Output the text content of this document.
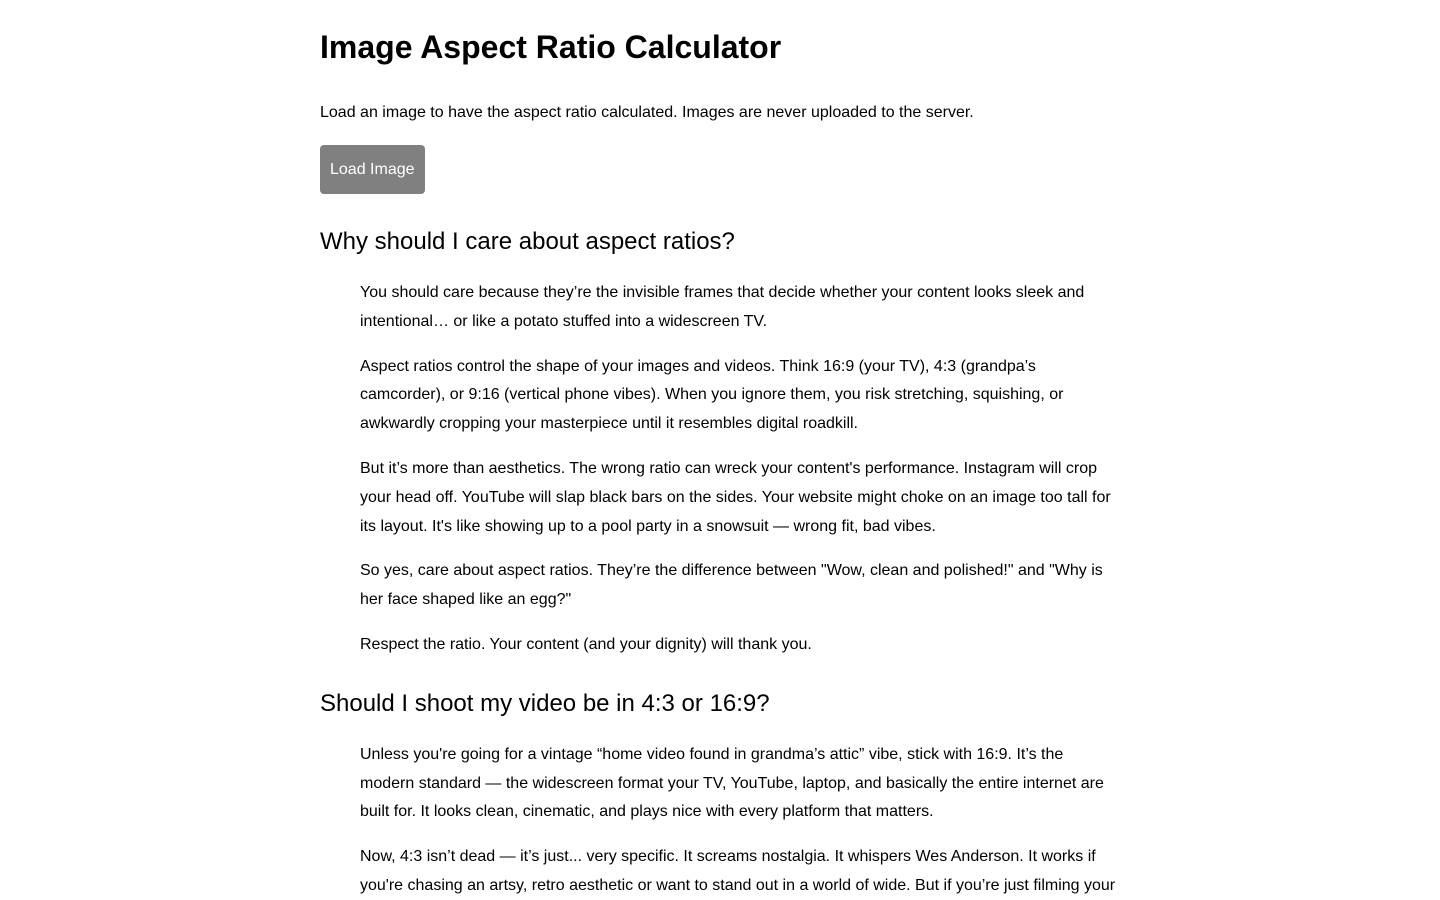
Image Aspect Ratio Calculator

Load an image to have the aspect ratio calculated. Images are never uploaded to the server.

Load Image
Why should I care about aspect ratios?

You should care because they’re the invisible frames that decide whether your content looks sleek and intentional… or like a potato stuffed into a widescreen TV.

Aspect ratios control the shape of your images and videos. Think 16:9 (your TV), 4:3 (grandpa’s camcorder), or 9:16 (vertical phone vibes). When you ignore them, you risk stretching, squishing, or awkwardly cropping your masterpiece until it resembles digital roadkill.

But it’s more than aesthetics. The wrong ratio can wreck your content's performance. Instagram will crop your head off. YouTube will slap black bars on the sides. Your website might choke on an image too tall for its layout. It's like showing up to a pool party in a snowsuit — wrong fit, bad vibes.

So yes, care about aspect ratios. They’re the difference between "Wow, clean and polished!" and "Why is her face shaped like an egg?"

Respect the ratio. Your content (and your dignity) will thank you.

Should I shoot my video be in 4:3 or 16:9?

Unless you're going for a vintage “home video found in grandma’s attic” vibe, stick with 16:9. It’s the modern standard — the widescreen format your TV, YouTube, laptop, and basically the entire internet are built for. It looks clean, cinematic, and plays nice with every platform that matters.

Now, 4:3 isn’t dead — it’s just... very specific. It screams nostalgia. It whispers Wes Anderson. It works if you're chasing an artsy, retro aesthetic or want to stand out in a world of wide. But if you’re just filming your
